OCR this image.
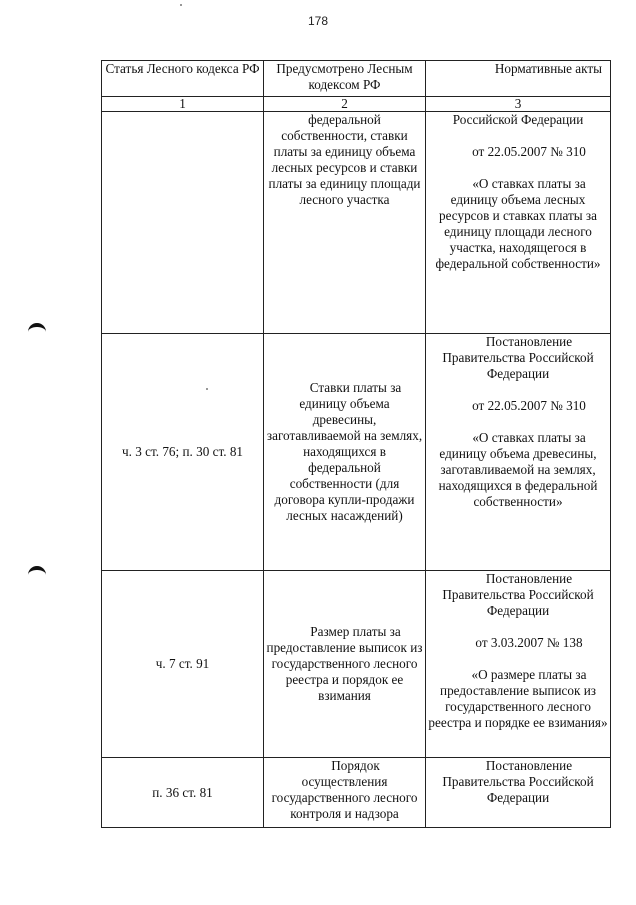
178
Статья Лесного кодекса РФ	Предусмотрено Лесным кодексом РФ	Нормативные акты
1	2	3

	федеральной собственности, ставки платы за единицу объема лесных ресурсов и ставки платы за единицу площади лесного участка	Российской Федерации
от 22.05.2007 № 310
«О ставках платы за единицу объема лесных ресурсов и ставках платы за единицу площади лесного участка, находящегося в федеральной собственности»

ч. 3 ст. 76; п. 30 ст. 81	Ставки платы за единицу объема древесины, заготавливаемой на землях, находящихся в федеральной собственности (для договора купли-продажи лесных насаждений)	Постановление Правительства Российской Федерации
от 22.05.2007 № 310
«О ставках платы за единицу объема древесины, заготавливаемой на землях, находящихся в федеральной собственности»

ч. 7 ст. 91	Размер платы за предоставление выписок из государственного лесного реестра и порядок ее взимания	Постановление Правительства Российской Федерации
от 3.03.2007 № 138
«О размере платы за предоставление выписок из государственного лесного реестра и порядке ее взимания»

п. 36 ст. 81	Порядок осуществления государственного лесного контроля и надзора	Постановление Правительства Российской Федерации
